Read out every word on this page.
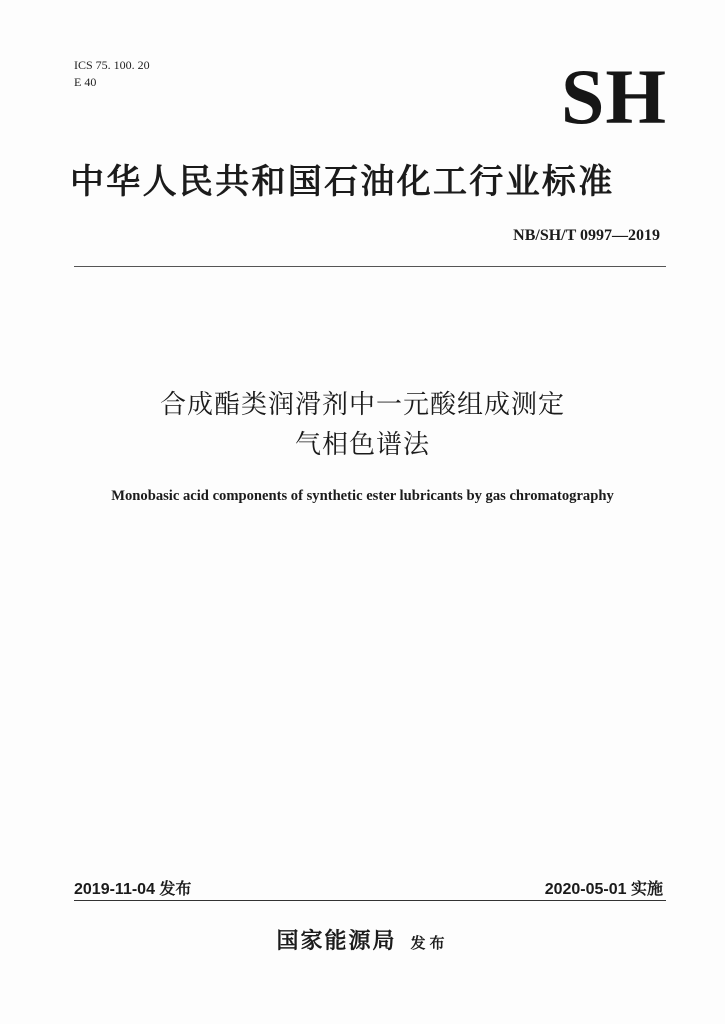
ICS 75. 100. 20
E 40	SH
中华人民共和国石油化工行业标准
NB/SH/T 0997—2019
合成酯类润滑剂中一元酸组成测定
气相色谱法
Monobasic acid components of synthetic ester lubricants by gas chromatography
2019-11-04 发布	2020-05-01 实施
国家能源局 发布
